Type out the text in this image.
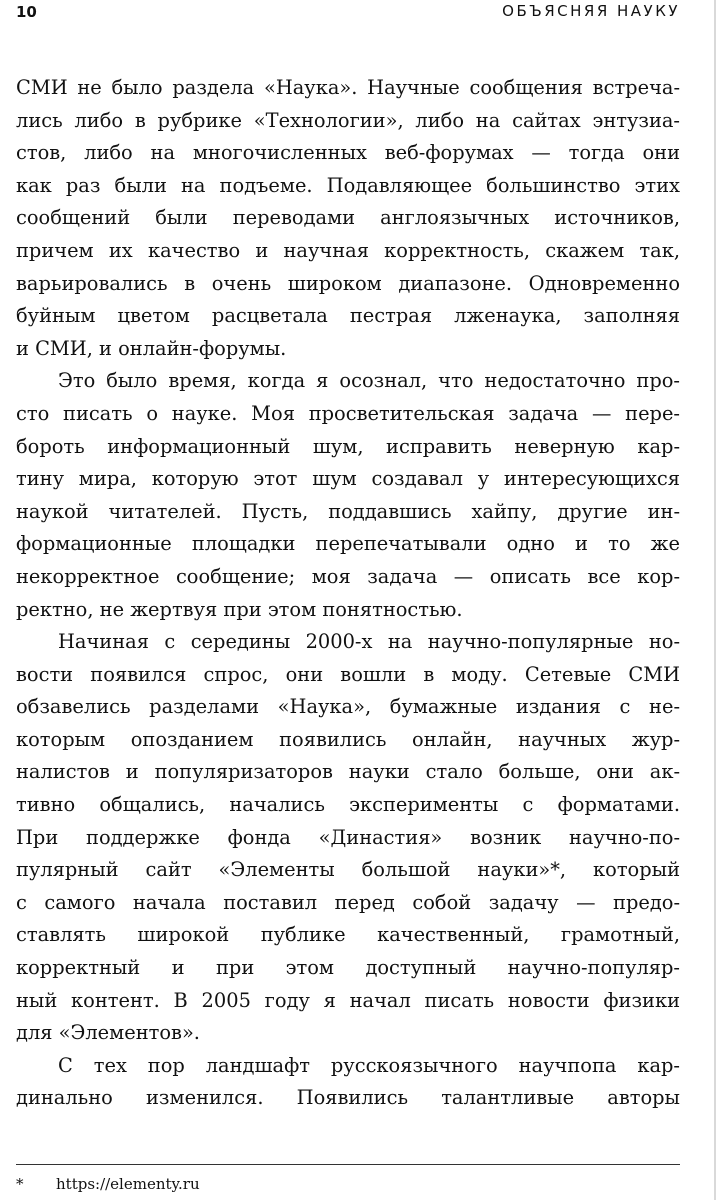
10	ОБЪЯСНЯЯ НАУКУ
СМИ не было раздела «Наука». Научные сообщения встреча-
лись либо в рубрике «Технологии», либо на сайтах энтузиа-
стов, либо на многочисленных веб-форумах — тогда они
как раз были на подъеме. Подавляющее большинство этих
сообщений были переводами англоязычных источников,
причем их качество и научная корректность, скажем так,
варьировались в очень широком диапазоне. Одновременно
буйным цветом расцветала пестрая лженаука, заполняя
и СМИ, и онлайн-форумы.
Это было время, когда я осознал, что недостаточно про-
сто писать о науке. Моя просветительская задача — пере-
бороть информационный шум, исправить неверную кар-
тину мира, которую этот шум создавал у интересующихся
наукой читателей. Пусть, поддавшись хайпу, другие ин-
формационные площадки перепечатывали одно и то же
некорректное сообщение; моя задача — описать все кор-
ректно, не жертвуя при этом понятностью.
Начиная с середины 2000-х на научно-популярные но-
вости появился спрос, они вошли в моду. Сетевые СМИ
обзавелись разделами «Наука», бумажные издания с не-
которым опозданием появились онлайн, научных жур-
налистов и популяризаторов науки стало больше, они ак-
тивно общались, начались эксперименты с форматами.
При поддержке фонда «Династия» возник научно-по-
пулярный сайт «Элементы большой науки»*, который
с самого начала поставил перед собой задачу — предо-
ставлять широкой публике качественный, грамотный,
корректный и при этом доступный научно-популяр-
ный контент. В 2005 году я начал писать новости физики
для «Элементов».
С тех пор ландшафт русскоязычного научпопа кар-
динально изменился. Появились талантливые авторы
* https://elementy.ru
